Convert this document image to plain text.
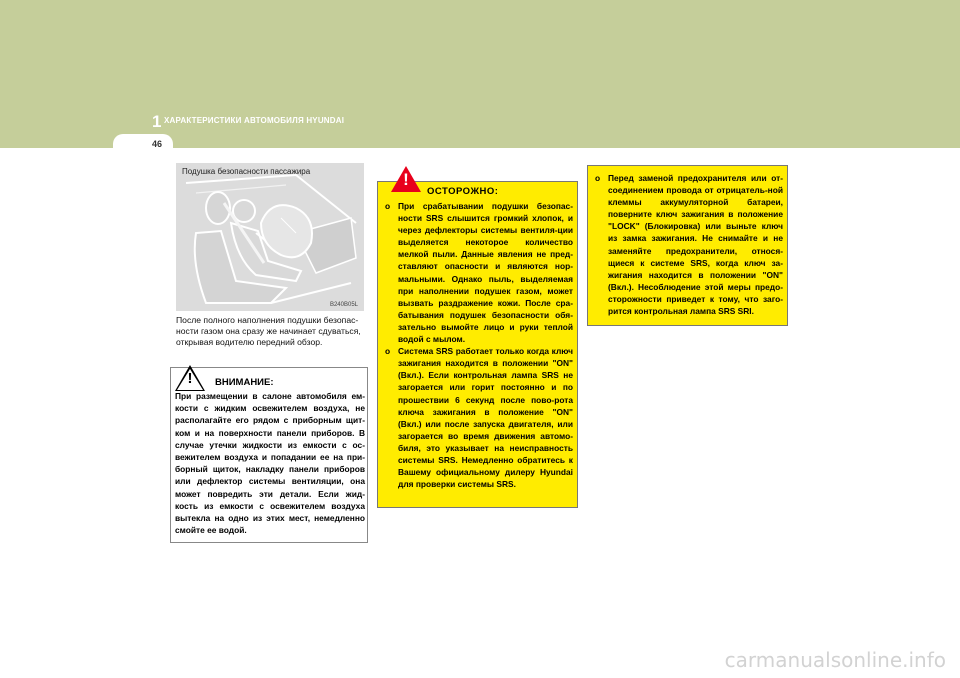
1 ХАРАКТЕРИСТИКИ АВТОМОБИЛЯ HYUNDAI
46
Подушка безопасности пассажира
B240B05L
После полного наполнения подушки безопас-ности газом она сразу же начинает сдуваться, открывая водителю передний обзор.
! ВНИМАНИЕ:
При размещении в салоне автомобиля ем-кости с жидким освежителем воздуха, не располагайте его рядом с приборным щит-ком и на поверхности панели приборов. В случае утечки жидкости из емкости с ос-вежителем воздуха и попадании ее на при-борный щиток, накладку панели приборов или дефлектор системы вентиляции, она может повредить эти детали. Если жид-кость из емкости с освежителем воздуха вытекла на одно из этих мест, немедленно смойте ее водой.
!
ОСТОРОЖНО:
o При срабатывании подушки безопас-ности SRS слышится громкий хлопок, и через дефлекторы системы вентиля-ции выделяется некоторое количество мелкой пыли. Данные явления не пред-ставляют опасности и являются нор-мальными. Однако пыль, выделяемая при наполнении подушек газом, может вызвать раздражение кожи. После сра-батывания подушек безопасности обя-зательно вымойте лицо и руки теплой водой с мылом.
o Система SRS работает только когда ключ зажигания находится в положении "ON" (Вкл.). Если контрольная лампа SRS не загорается или горит постоянно и по прошествии 6 секунд после пово-рота ключа зажигания в положение "ON" (Вкл.) или после запуска двигателя, или загорается во время движения автомо-биля, это указывает на неисправность системы SRS. Немедленно обратитесь к Вашему официальному дилеру Hyundai для проверки системы SRS.
o Перед заменой предохранителя или от-соединением провода от отрицатель-ной клеммы аккумуляторной батареи, поверните ключ зажигания в положение "LOCK" (Блокировка) или выньте ключ из замка зажигания. Не снимайте и не заменяйте предохранители, относя-щиеся к системе SRS, когда ключ за-жигания находится в положении "ON" (Вкл.). Несоблюдение этой меры предо-сторожности приведет к тому, что заго-рится контрольная лампа SRS SRI.
carmanualsonline.info
